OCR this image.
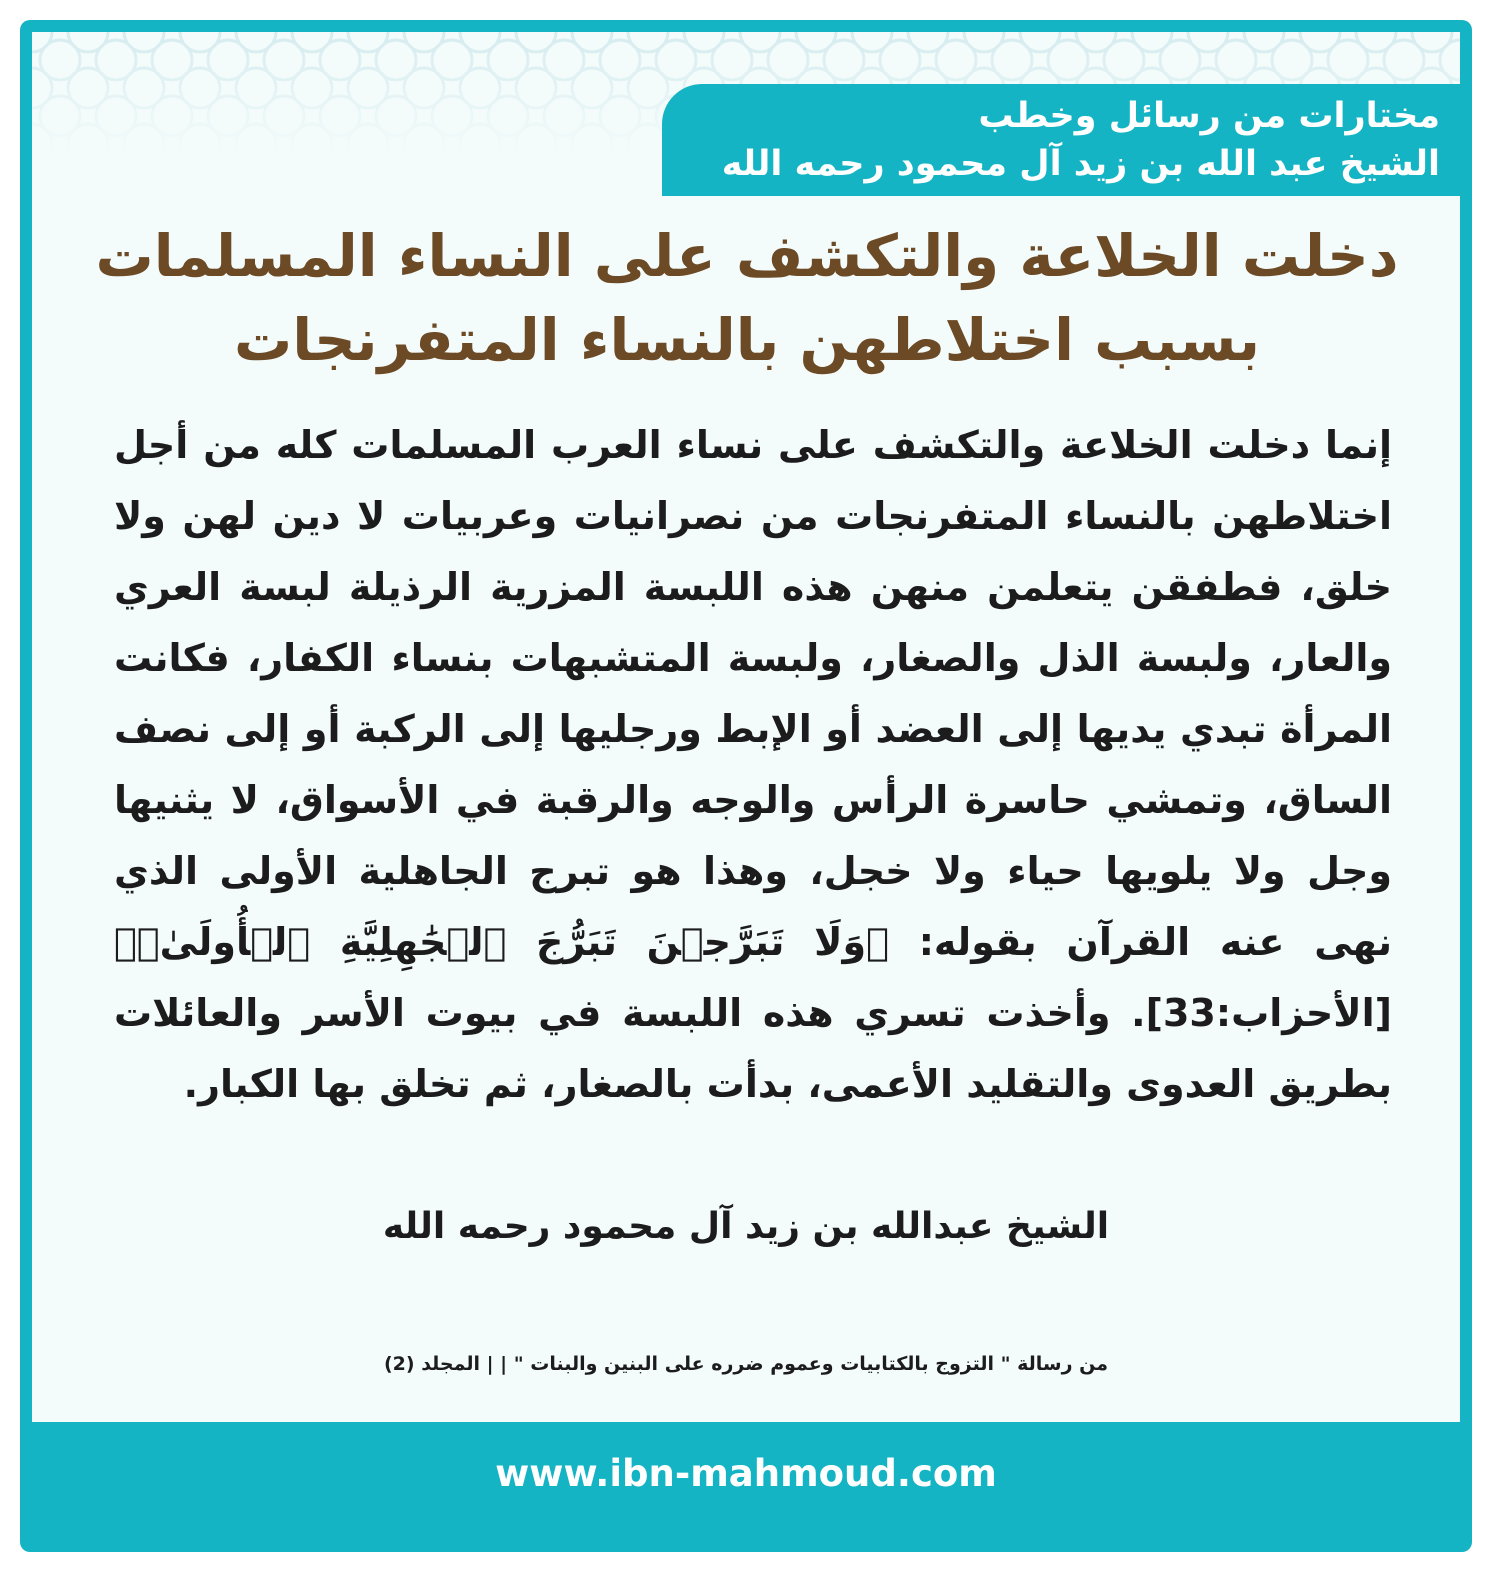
مختارات من رسائل وخطب
الشيخ عبد الله بن زيد آل محمود رحمه الله
دخلت الخلاعة والتكشف على النساء المسلمات
بسبب اختلاطهن بالنساء المتفرنجات
إنما دخلت الخلاعة والتكشف على نساء العرب المسلمات كله من أجل اختلاطهن بالنساء المتفرنجات من نصرانيات وعربيات لا دين لهن ولا خلق، فطفقن يتعلمن منهن هذه اللبسة المزرية الرذيلة لبسة العري والعار، ولبسة الذل والصغار، ولبسة المتشبهات بنساء الكفار، فكانت المرأة تبدي يديها إلى العضد أو الإبط ورجليها إلى الركبة أو إلى نصف الساق، وتمشي حاسرة الرأس والوجه والرقبة في الأسواق، لا يثنيها وجل ولا يلويها حياء ولا خجل، وهذا هو تبرج الجاهلية الأولى الذي نهى عنه القرآن بقوله: ﴿وَلَا تَبَرَّجۡنَ تَبَرُّجَ ٱلۡجَٰهِلِيَّةِ ٱلۡأُولَىٰۖ﴾ [الأحزاب:33]. وأخذت تسري هذه اللبسة في بيوت الأسر والعائلات بطريق العدوى والتقليد الأعمى، بدأت بالصغار، ثم تخلق بها الكبار.
الشيخ عبدالله بن زيد آل محمود رحمه الله
من رسالة " التزوج بالكتابيات وعموم ضرره على البنين والبنات " | | المجلد (2)
www.ibn-mahmoud.com
